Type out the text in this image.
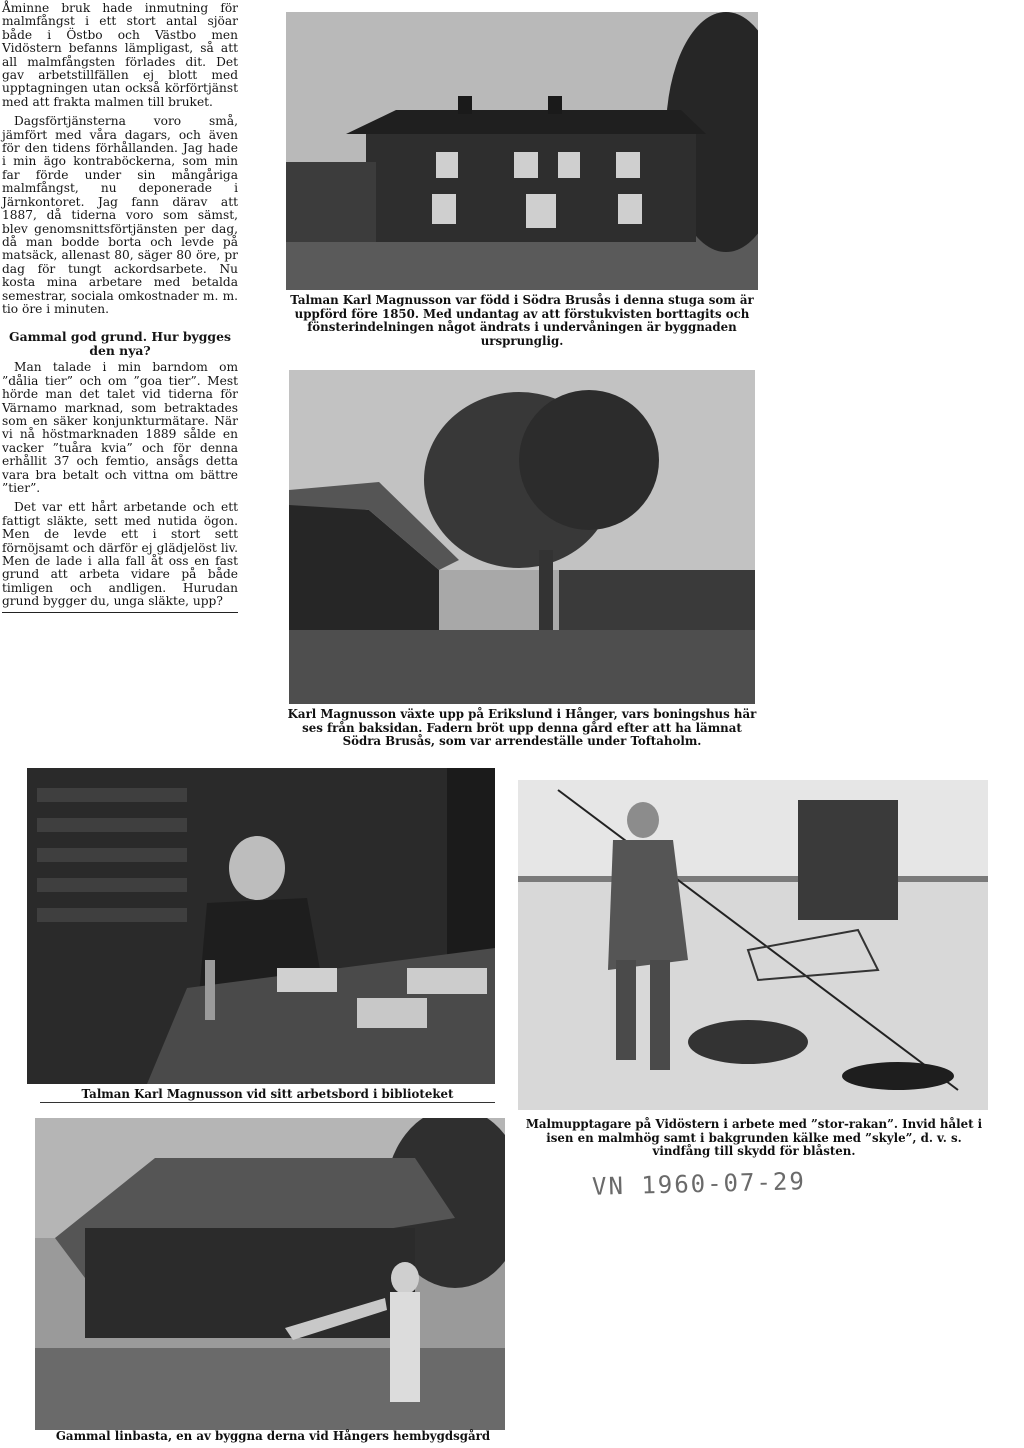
Åminne bruk hade inmutning för malmfångst i ett stort antal sjöar både i Östbo och Västbo men Vidöstern befanns lämpligast, så att all malmfångsten förlades dit. Det gav arbetstillfällen ej blott med upptagningen utan också körförtjänst med att frakta malmen till bruket.

Dagsförtjänsterna voro små, jämfört med våra dagars, och även för den tidens förhållanden. Jag hade i min ägo kontraböckerna, som min far förde under sin mångåriga malmfångst, nu deponerade i Järnkontoret. Jag fann därav att 1887, då tiderna voro som sämst, blev genomsnittsförtjänsten per dag, då man bodde borta och levde på matsäck, allenast 80, säger 80 öre, pr dag för tungt ackordsarbete. Nu kosta mina arbetare med betalda semestrar, sociala omkostnader m. m. tio öre i minuten.

Gammal god grund. Hur bygges den nya?

Man talade i min barndom om ”dålia tier” och om ”goa tier”. Mest hörde man det talet vid tiderna för Värnamo marknad, som betraktades som en säker konjunkturmätare. När vi nå höstmarknaden 1889 sålde en vacker ”tuåra kvia” och för denna erhållit 37 och femtio, ansågs detta vara bra betalt och vittna om bättre ”tier”.

Det var ett hårt arbetande och ett fattigt släkte, sett med nutida ögon. Men de levde ett i stort sett förnöjsamt och därför ej glädjelöst liv. Men de lade i alla fall åt oss en fast grund att arbeta vidare på både timligen och andligen. Hurudan grund bygger du, unga släkte, upp?

Talman Karl Magnusson var född i Södra Brusås i denna stuga som är uppförd före 1850. Med undantag av att förstukvisten borttagits och fönsterindelningen något ändrats i undervåningen är byggnaden ursprunglig.
Karl Magnusson växte upp på Erikslund i Hånger, vars boningshus här ses från baksidan. Fadern bröt upp denna gård efter att ha lämnat Södra Brusås, som var arrendeställe under Toftaholm.
Talman Karl Magnusson vid sitt arbetsbord i biblioteket
Malmupptagare på Vidöstern i arbete med ”stor-rakan”. Invid hålet i isen en malmhög samt i bakgrunden kälke med ”skyle”, d. v. s. vindfång till skydd för blåsten.
Gammal linbasta, en av byggna derna vid Hångers hembygdsgård
VN 1960-07-29
